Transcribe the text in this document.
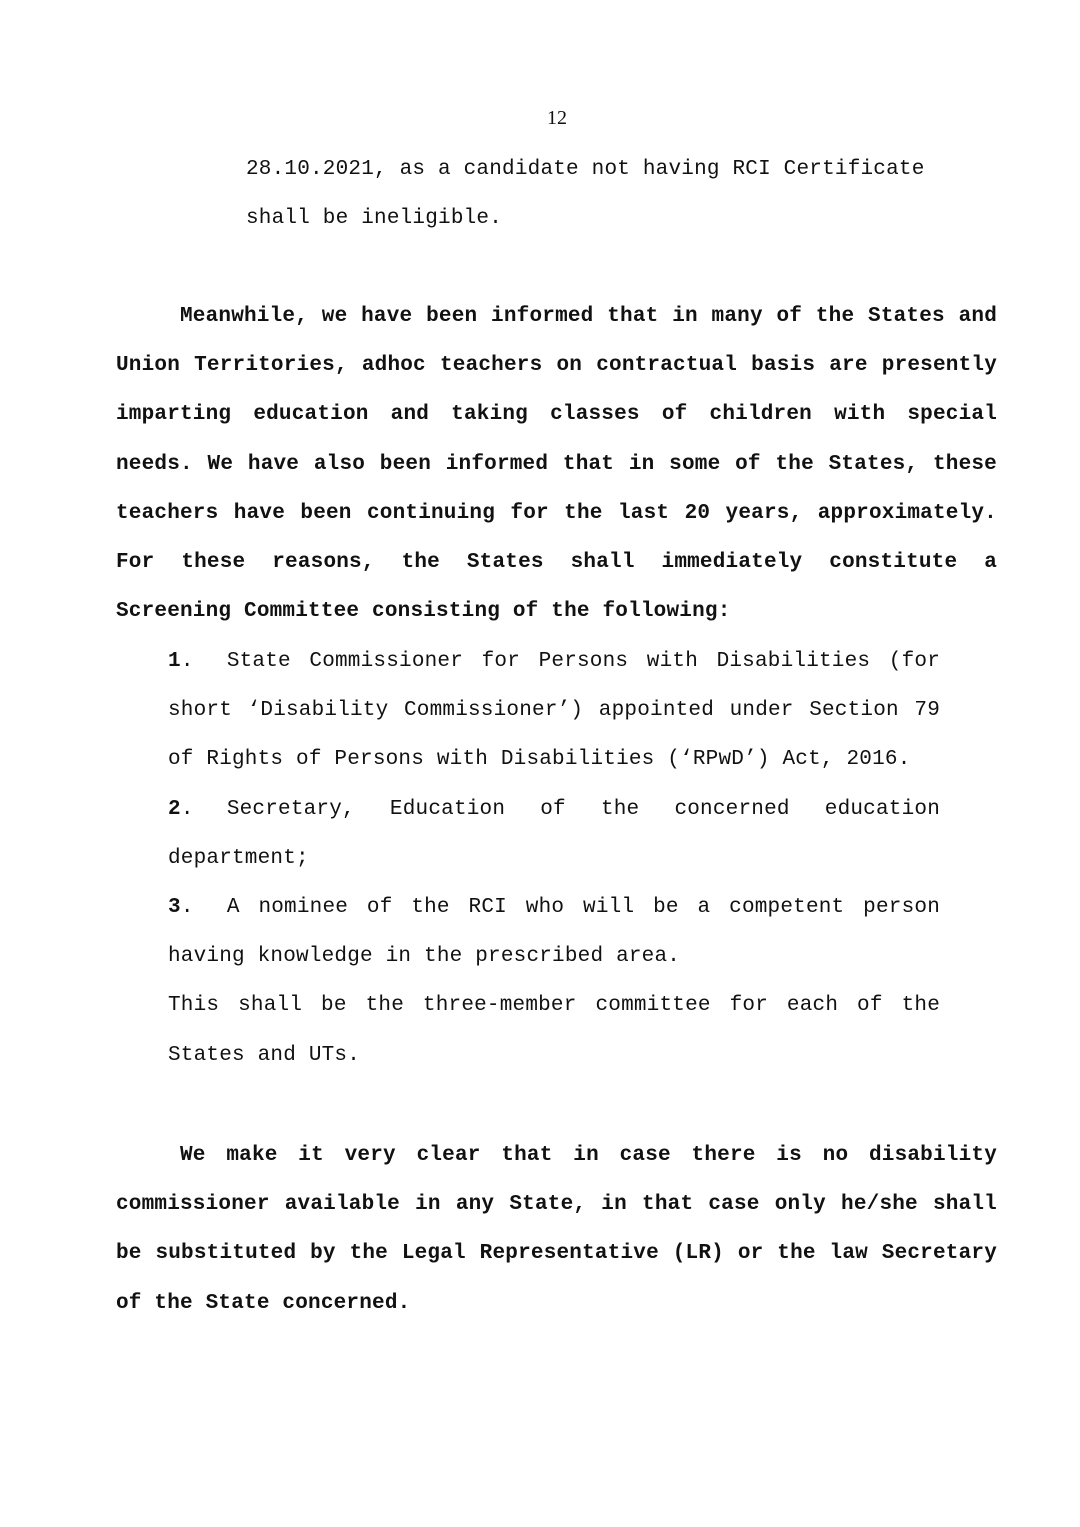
12
28.10.2021, as a candidate not having RCI Certificate
shall be ineligible.
Meanwhile, we have been informed that in many of the States and Union Territories, adhoc teachers on contractual basis are presently imparting education and taking classes of children with special needs. We have also been informed that in some of the States, these teachers have been continuing for the last 20 years, approximately. For these reasons, the States shall immediately constitute a Screening Committee consisting of the following:
1. State Commissioner for Persons with Disabilities (for short ‘Disability Commissioner’) appointed under Section 79 of Rights of Persons with Disabilities (‘RPwD’) Act, 2016.
2. Secretary, Education of the concerned education department;
3. A nominee of the RCI who will be a competent person having knowledge in the prescribed area.
This shall be the three-member committee for each of the States and UTs.
We make it very clear that in case there is no disability commissioner available in any State, in that case only he/she shall be substituted by the Legal Representative (LR) or the law Secretary of the State concerned.
